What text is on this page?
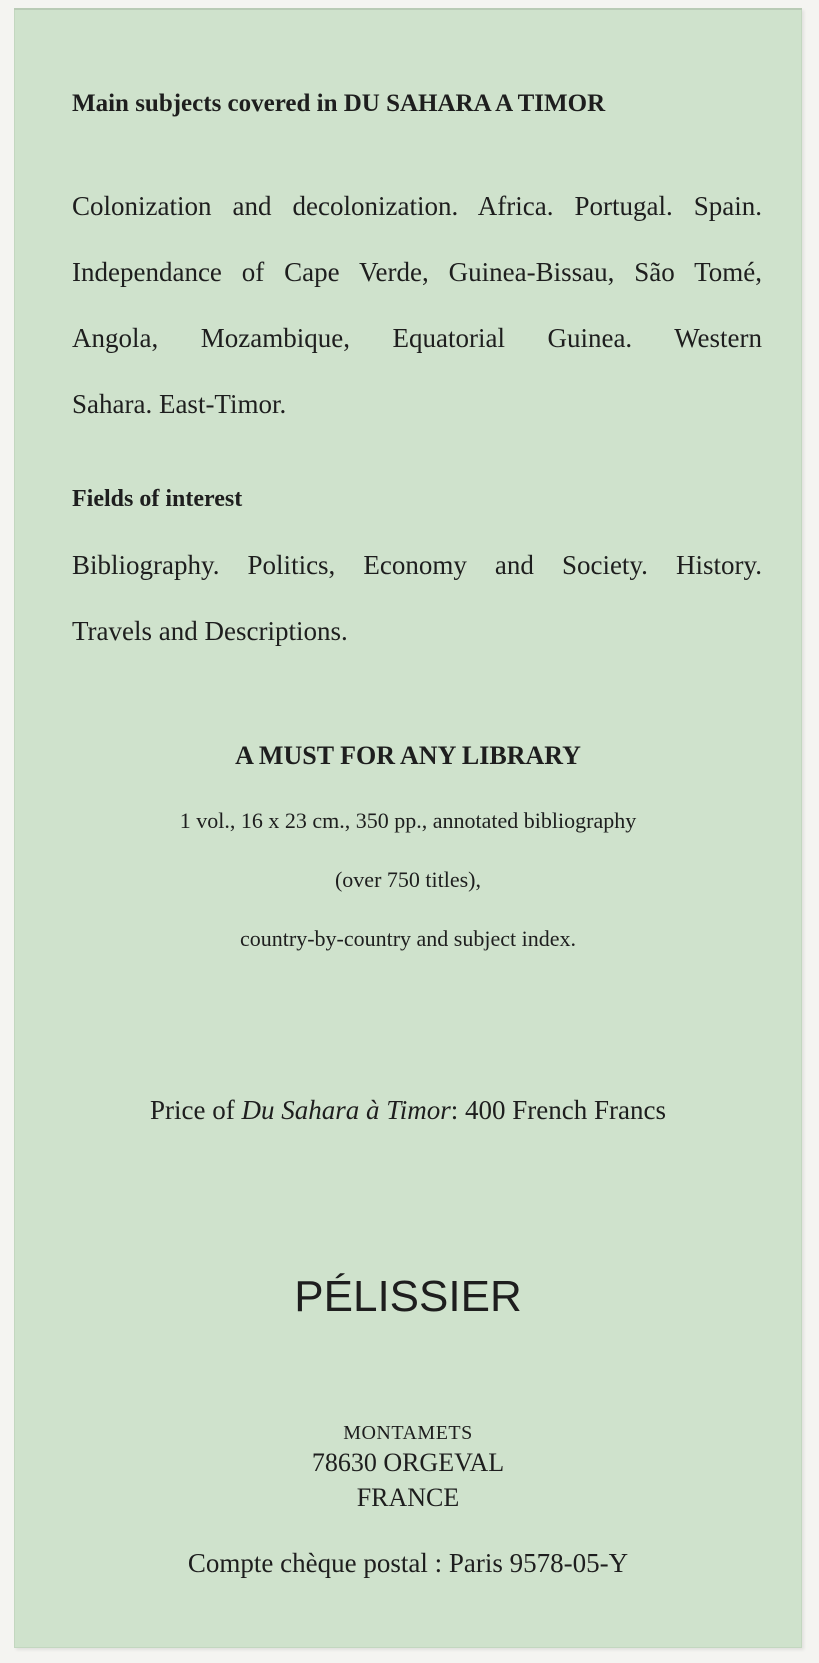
Main subjects covered in DU SAHARA A TIMOR
Colonization and decolonization. Africa. Portugal. Spain.
Independance of Cape Verde, Guinea-Bissau, São Tomé,
Angola, Mozambique, Equatorial Guinea. Western
Sahara. East-Timor.
Fields of interest
Bibliography. Politics, Economy and Society. History.
Travels and Descriptions.
A MUST FOR ANY LIBRARY
1 vol., 16 x 23 cm., 350 pp., annotated bibliography
(over 750 titles),
country-by-country and subject index.
Price of Du Sahara à Timor: 400 French Francs
PÉLISSIER
MONTAMETS
78630 ORGEVAL
FRANCE
Compte chèque postal : Paris 9578-05-Y
